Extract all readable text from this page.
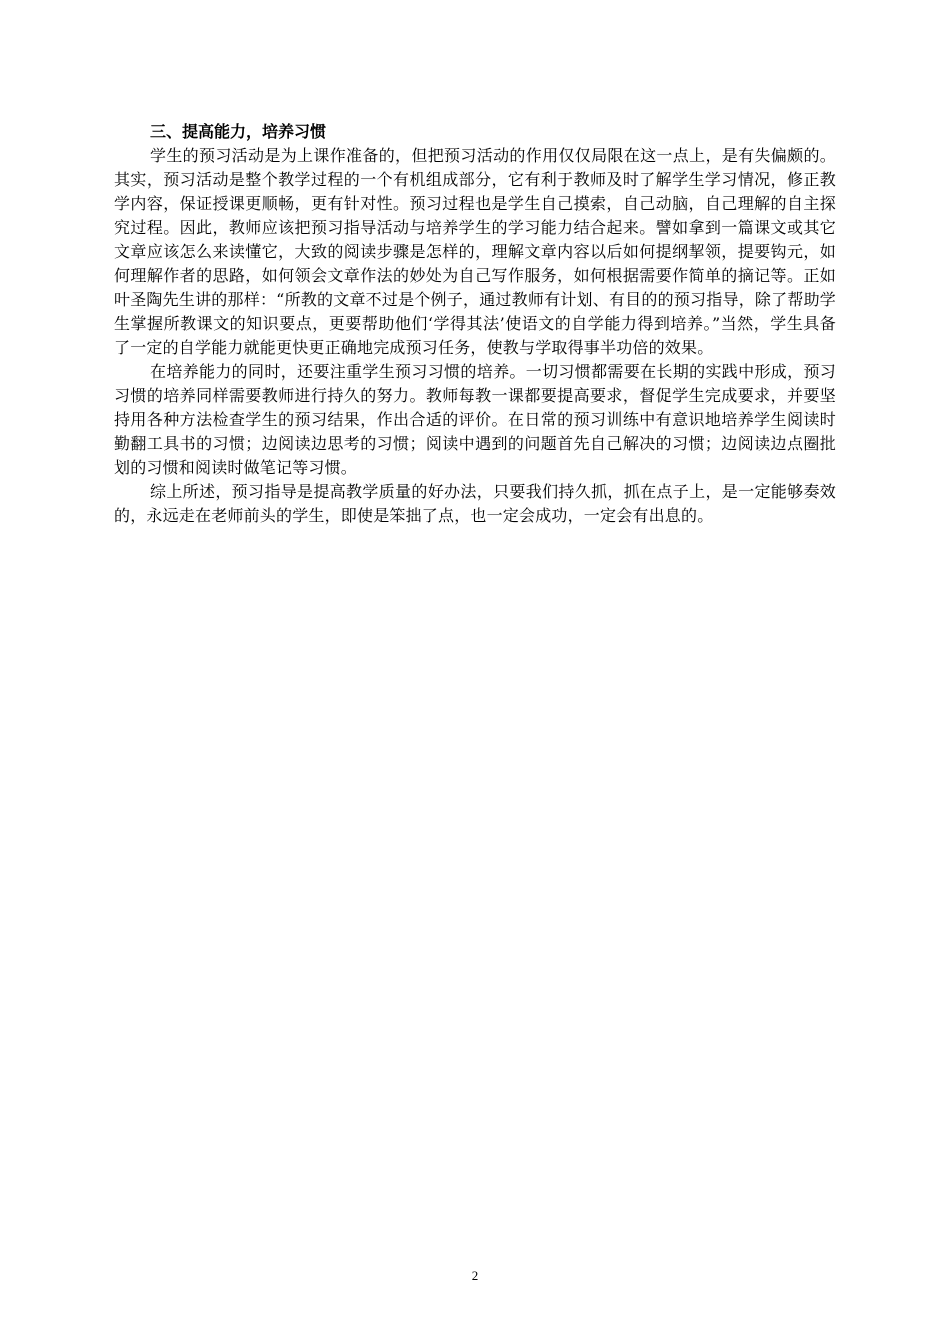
三、提高能力，培养习惯

学生的预习活动是为上课作准备的，但把预习活动的作用仅仅局限在这一点上，是有失偏颇的。其实，预习活动是整个教学过程的一个有机组成部分，它有利于教师及时了解学生学习情况，修正教学内容，保证授课更顺畅，更有针对性。预习过程也是学生自己摸索，自己动脑，自己理解的自主探究过程。因此，教师应该把预习指导活动与培养学生的学习能力结合起来。譬如拿到一篇课文或其它文章应该怎么来读懂它，大致的阅读步骤是怎样的，理解文章内容以后如何提纲挈领，提要钩元，如何理解作者的思路，如何领会文章作法的妙处为自己写作服务，如何根据需要作简单的摘记等。正如叶圣陶先生讲的那样：“所教的文章不过是个例子，通过教师有计划、有目的的预习指导，除了帮助学生掌握所教课文的知识要点，更要帮助他们‘学得其法’使语文的自学能力得到培养。”当然，学生具备了一定的自学能力就能更快更正确地完成预习任务，使教与学取得事半功倍的效果。

在培养能力的同时，还要注重学生预习习惯的培养。一切习惯都需要在长期的实践中形成，预习习惯的培养同样需要教师进行持久的努力。教师每教一课都要提高要求，督促学生完成要求，并要坚持用各种方法检查学生的预习结果，作出合适的评价。在日常的预习训练中有意识地培养学生阅读时勤翻工具书的习惯；边阅读边思考的习惯；阅读中遇到的问题首先自己解决的习惯；边阅读边点圈批划的习惯和阅读时做笔记等习惯。

综上所述，预习指导是提高教学质量的好办法，只要我们持久抓，抓在点子上，是一定能够奏效的，永远走在老师前头的学生，即使是笨拙了点，也一定会成功，一定会有出息的。

2
